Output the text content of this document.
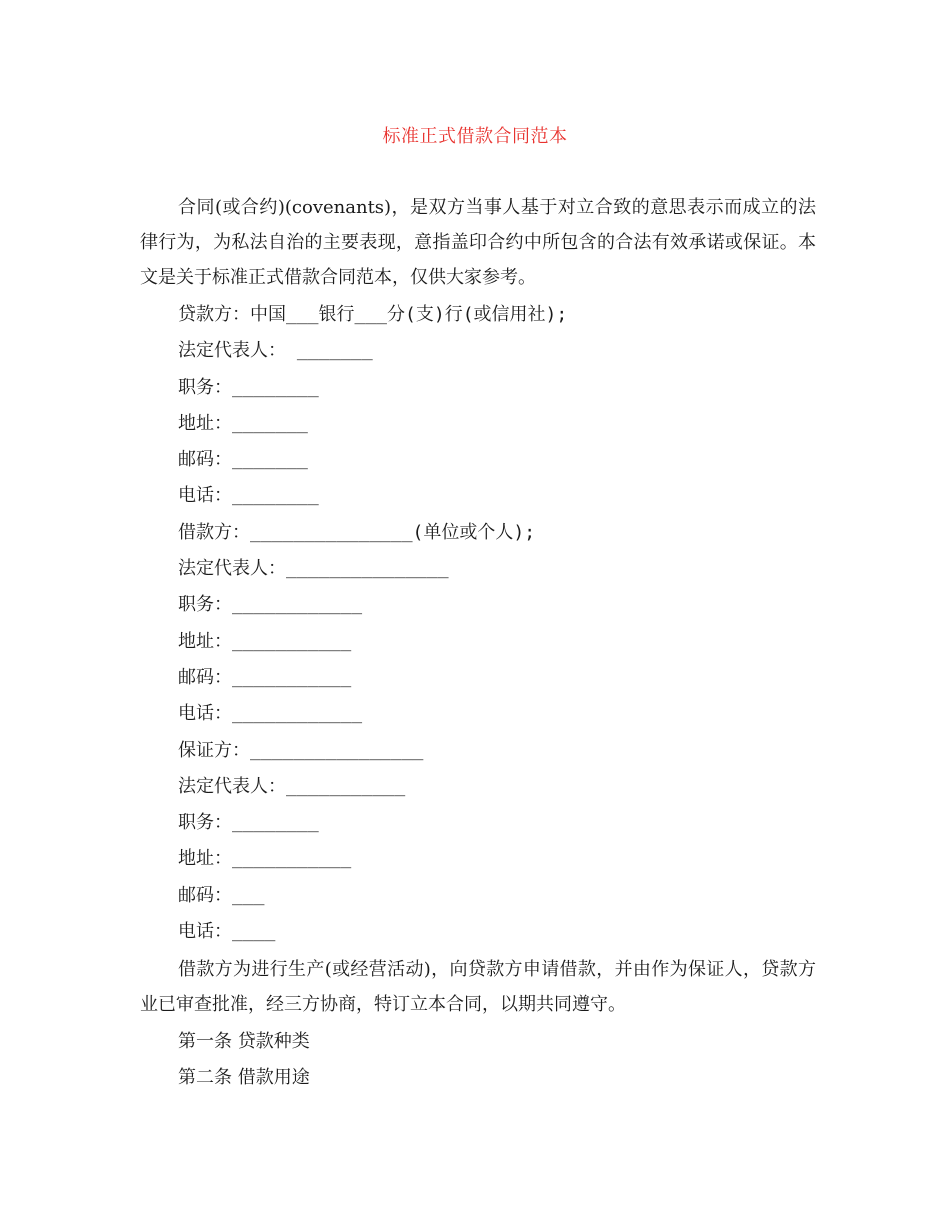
标准正式借款合同范本

合同(或合约)(covenants)，是双方当事人基于对立合致的意思表示而成立的法律行为，为私法自治的主要表现，意指盖印合约中所包含的合法有效承诺或保证。本文是关于标准正式借款合同范本，仅供大家参考。

贷款方：中国___银行___分(支)行(或信用社);
法定代表人： _______
职务：________
地址：_______
邮码：_______
电话：________
借款方：_______________(单位或个人);
法定代表人：_______________
职务：____________
地址：___________
邮码：___________
电话：____________
保证方：________________
法定代表人：___________
职务：________
地址：___________
邮码：___
电话：____

借款方为进行生产(或经营活动)，向贷款方申请借款，并由作为保证人，贷款方业已审查批准，经三方协商，特订立本合同，以期共同遵守。

第一条 贷款种类
第二条 借款用途
